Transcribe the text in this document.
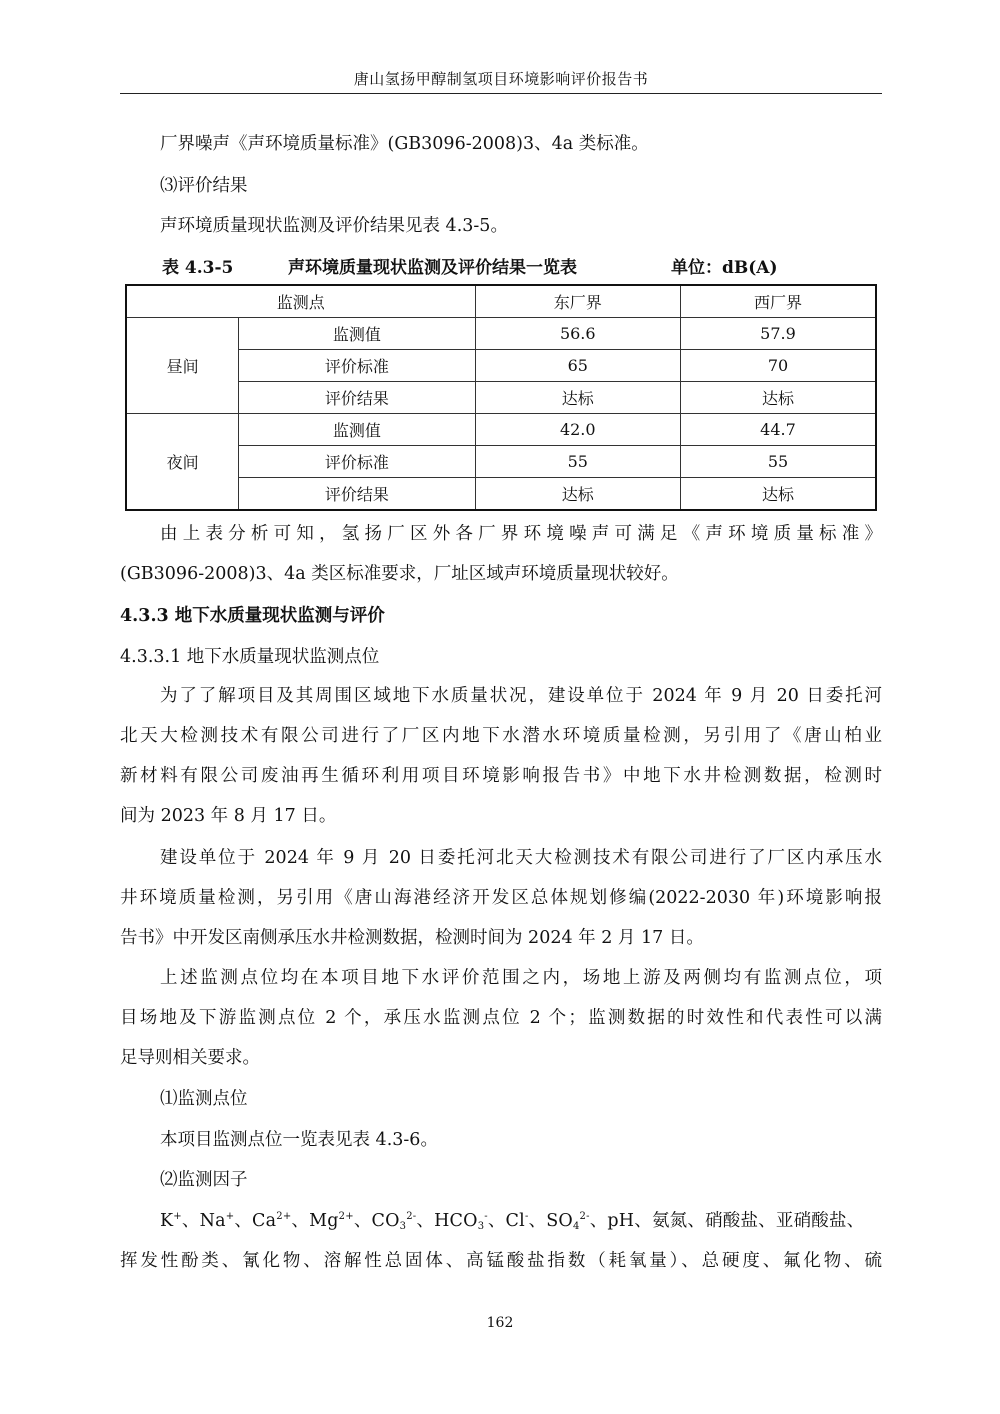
唐山氢扬甲醇制氢项目环境影响评价报告书
厂界噪声《声环境质量标准》(GB3096-2008)3、4a 类标准。
⑶评价结果
声环境质量现状监测及评价结果见表 4.3-5。
表 4.3-5	声环境质量现状监测及评价结果一览表	单位：dB(A)
监测点		东厂界	西厂界
昼间	监测值	56.6	57.9
	评价标准	65	70
	评价结果	达标	达标
夜间	监测值	42.0	44.7
	评价标准	55	55
	评价结果	达标	达标
由上表分析可知，氢扬厂区外各厂界环境噪声可满足《声环境质量标准》
(GB3096-2008)3、4a 类区标准要求，厂址区域声环境质量现状较好。
4.3.3 地下水质量现状监测与评价
4.3.3.1 地下水质量现状监测点位
为了了解项目及其周围区域地下水质量状况，建设单位于 2024 年 9 月 20 日委托河
北天大检测技术有限公司进行了厂区内地下水潜水环境质量检测，另引用了《唐山柏业
新材料有限公司废油再生循环利用项目环境影响报告书》中地下水井检测数据，检测时
间为 2023 年 8 月 17 日。
建设单位于 2024 年 9 月 20 日委托河北天大检测技术有限公司进行了厂区内承压水
井环境质量检测，另引用《唐山海港经济开发区总体规划修编(2022-2030 年)环境影响报
告书》中开发区南侧承压水井检测数据，检测时间为 2024 年 2 月 17 日。
上述监测点位均在本项目地下水评价范围之内，场地上游及两侧均有监测点位，项
目场地及下游监测点位 2 个，承压水监测点位 2 个；监测数据的时效性和代表性可以满
足导则相关要求。
⑴监测点位
本项目监测点位一览表见表 4.3-6。
⑵监测因子
K+、Na+、$Ca^{2+}$、$Mg^{2+}$、$CO_3^{2-}$、$HCO_3^-$、Cl-、$SO_4^{2-}$、pH、氨氮、硝酸盐、亚硝酸盐、
挥发性酚类、氰化物、溶解性总固体、高锰酸盐指数（耗氧量）、总硬度、氟化物、硫
162
